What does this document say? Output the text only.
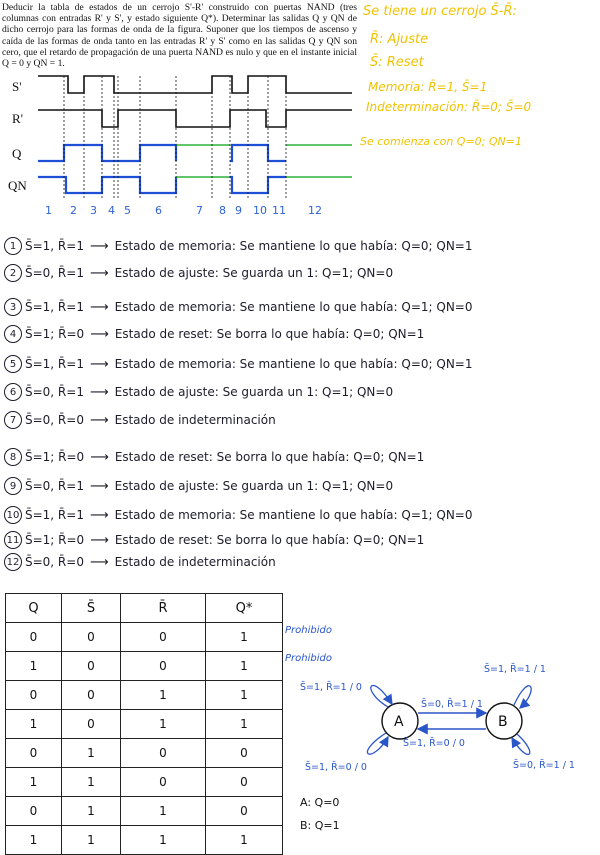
Deducir la tabla de estados de un cerrojo S'-R' construido con puertas NAND (tres columnas con entradas R' y S', y estado siguiente Q*). Determinar las salidas Q y QN de dicho cerrojo para las formas de onda de la figura. Suponer que los tiempos de ascenso y caída de las formas de onda tanto en las entradas R' y S' como en las salidas Q y QN son cero, que el retardo de propagación de una puerta NAND es nulo y que en el instante inicial Q = 0 y QN = 1.
S'
R'
Q
QN
1 2 3 4 5 6	7 8 9 10 11 12
Se tiene un cerrojo S̄-R̄:
R̄: Ajuste
S̄: Reset
Memoria: R̄=1, S̄=1
Indeterminación: R̄=0; S̄=0
Se comienza con Q=0; QN=1
1 S̄=1, R̄=1 ⟶ Estado de memoria: Se mantiene lo que había: Q=0; QN=1
2 S̄=0, R̄=1 ⟶ Estado de ajuste: Se guarda un 1: Q=1; QN=0
3 S̄=1, R̄=1 ⟶ Estado de memoria: Se mantiene lo que había: Q=1; QN=0
4 S̄=1; R̄=0 ⟶ Estado de reset: Se borra lo que había: Q=0; QN=1
5 S̄=1, R̄=1 ⟶ Estado de memoria: Se mantiene lo que había: Q=0; QN=1
6 S̄=0, R̄=1 ⟶ Estado de ajuste: Se guarda un 1: Q=1; QN=0
7 S̄=0, R̄=0 ⟶ Estado de indeterminación
8 S̄=1; R̄=0 ⟶ Estado de reset: Se borra lo que había: Q=0; QN=1
9 S̄=0, R̄=1 ⟶ Estado de ajuste: Se guarda un 1: Q=1; QN=0
10 S̄=1, R̄=1 ⟶ Estado de memoria: Se mantiene lo que había: Q=1; QN=0
11 S̄=1; R̄=0 ⟶ Estado de reset: Se borra lo que había: Q=0; QN=1
12 S̄=0, R̄=0 ⟶ Estado de indeterminación
Q	S̄	R̄	Q*
0	0	0	1
1	0	0	1
0	0	1	1
1	0	1	1
0	1	0	0
1	1	0	0
0	1	1	0
1	1	1	1
Prohibido
Prohibido
A	B
S̄=0, R̄=1 / 1
S̄=1, R̄=0 / 0
S̄=1, R̄=1 / 0
S̄=1, R̄=0 / 0
S̄=1, R̄=1 / 1
S̄=0, R̄=1 / 1
A: Q=0
B: Q=1
